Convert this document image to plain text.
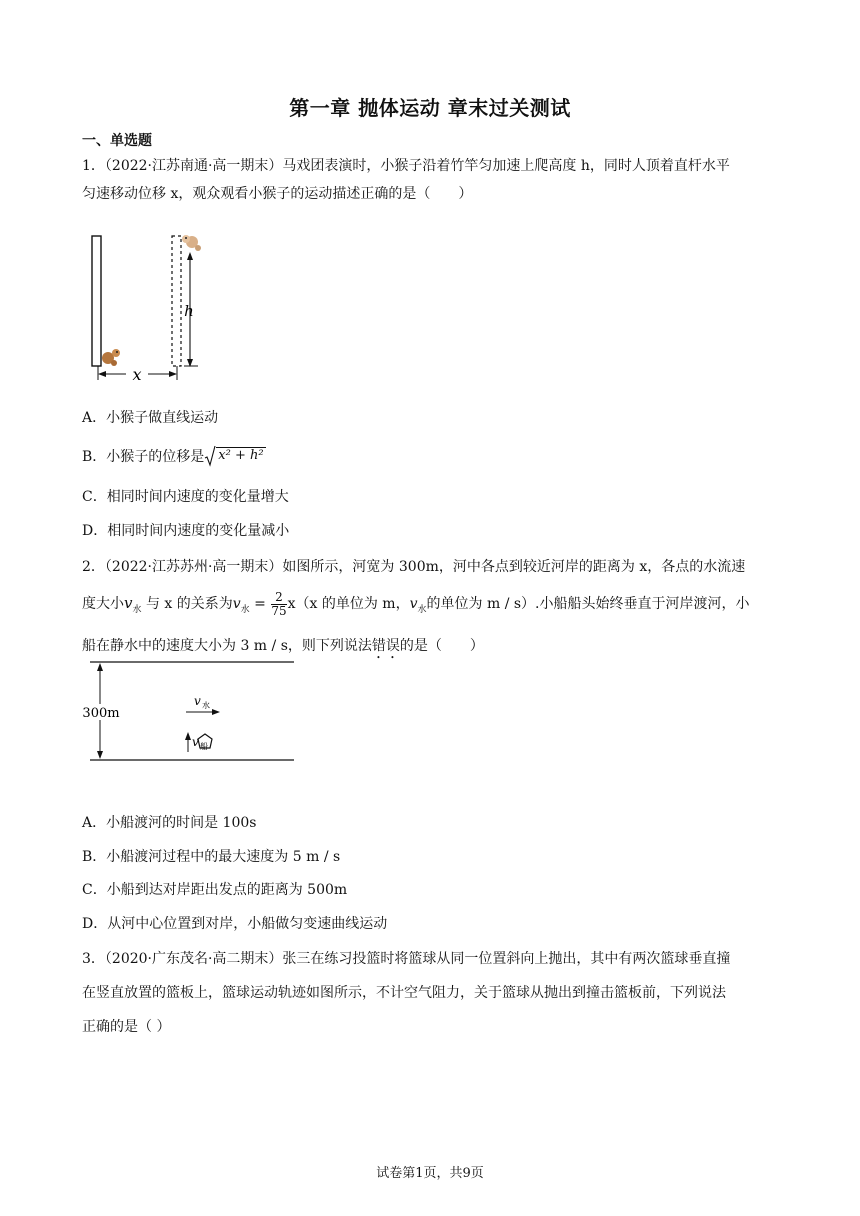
第一章 抛体运动 章末过关测试
一、单选题
1．（2022·江苏南通·高一期末）马戏团表演时，小猴子沿着竹竿匀加速上爬高度 h，同时人顶着直杆水平
匀速移动位移 x，观众观看小猴子的运动描述正确的是（　　）
h
x
A．小猴子做直线运动
B．小猴子的位移是 x² + h²
C．相同时间内速度的变化量增大
D．相同时间内速度的变化量减小
2．（2022·江苏苏州·高一期末）如图所示，河宽为 300m，河中各点到较近河岸的距离为 x，各点的水流速
度大小$v_水$ 与 x 的关系为$v_水 = \frac{2}{75} x(x$ 的单位为 m，$v_水$的单位为 m / s）.小船船头始终垂直于河岸渡河，小
船在静水中的速度大小为 3 m / s，则下列说法错误的是（　　）
300m
v 水
v 船
A．小船渡河的时间是 100s
B．小船渡河过程中的最大速度为 5 m / s
C．小船到达对岸距出发点的距离为 500m
D．从河中心位置到对岸，小船做匀变速曲线运动
3．（2020·广东茂名·高二期末）张三在练习投篮时将篮球从同一位置斜向上抛出，其中有两次篮球垂直撞
在竖直放置的篮板上，篮球运动轨迹如图所示，不计空气阻力，关于篮球从抛出到撞击篮板前，下列说法
正确的是（ ）
试卷第1页，共9页
